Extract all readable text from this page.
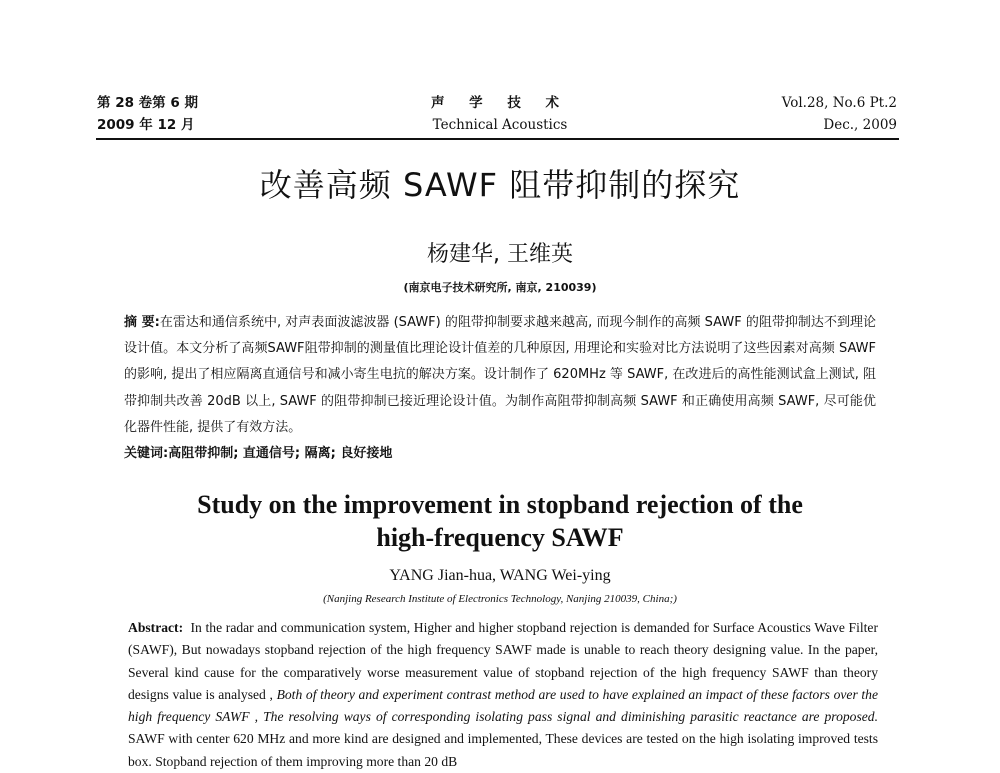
第 28 卷第 6 期
2009 年 12 月
声 学 技 术
Technical Acoustics
Vol.28, No.6 Pt.2
Dec., 2009
改善高频 SAWF 阻带抑制的探究
杨建华, 王维英
(南京电子技术研究所, 南京, 210039)
摘 要:在雷达和通信系统中, 对声表面波滤波器 (SAWF) 的阻带抑制要求越来越高, 而现今制作的高频 SAWF 的阻带抑制达不到理论设计值。本文分析了高频SAWF阻带抑制的测量值比理论设计值差的几种原因, 用理论和实验对比方法说明了这些因素对高频 SAWF 的影响, 提出了相应隔离直通信号和减小寄生电抗的解决方案。设计制作了 620MHz 等 SAWF, 在改进后的高性能测试盒上测试, 阻带抑制共改善 20dB 以上, SAWF 的阻带抑制已接近理论设计值。为制作高阻带抑制高频 SAWF 和正确使用高频 SAWF, 尽可能优化器件性能, 提供了有效方法。
关键词:高阻带抑制; 直通信号; 隔离; 良好接地
Study on the improvement in stopband rejection of the
high-frequency SAWF
YANG Jian-hua, WANG Wei-ying
(Nanjing Research Institute of Electronics Technology, Nanjing 210039, China;)
Abstract: In the radar and communication system, Higher and higher stopband rejection is demanded for Surface Acoustics Wave Filter (SAWF), But nowadays stopband rejection of the high frequency SAWF made is unable to reach theory designing value. In the paper, Several kind cause for the comparatively worse measurement value of stopband rejection of the high frequency SAWF than theory designs value is analysed , Both of theory and experiment contrast method are used to have explained an impact of these factors over the high frequency SAWF , The resolving ways of corresponding isolating pass signal and diminishing parasitic reactance are proposed. SAWF with center 620 MHz and more kind are designed and implemented, These devices are tested on the high isolating improved tests box. Stopband rejection of them improving more than 20 dB
